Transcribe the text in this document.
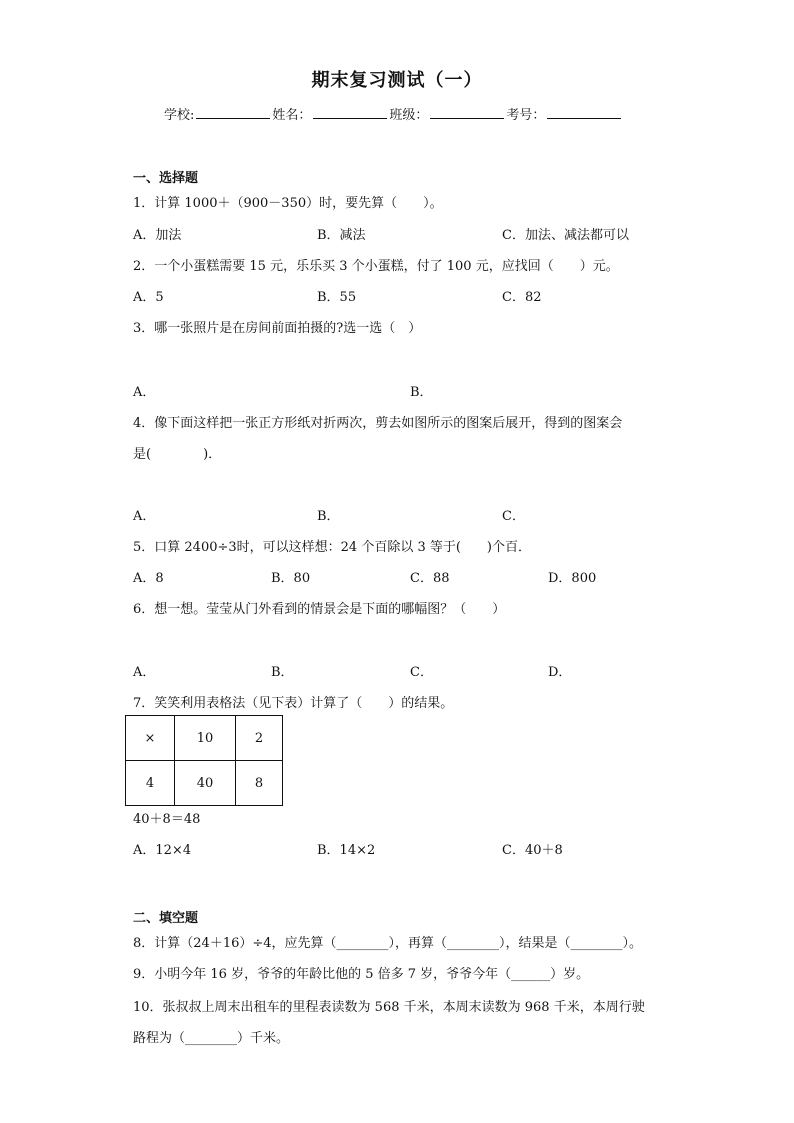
期末复习测试（一）
学校:	姓名：	班级：	考号：
一、选择题
1．计算 1000＋（900－350）时，要先算（　　）。
A．加法	B．减法	C．加法、减法都可以
2．一个小蛋糕需要 15 元，乐乐买 3 个小蛋糕，付了 100 元，应找回（　　）元。
A．5	B．55	C．82
3．哪一张照片是在房间前面拍摄的?选一选（　）
A．	B．
4．像下面这样把一张正方形纸对折两次，剪去如图所示的图案后展开，得到的图案会
是(　　　　)．
A．	B．	C．
5．口算 2400÷3时，可以这样想：24 个百除以 3 等于(　　)个百．
A．8	B．80	C．88	D．800
6．想一想。莹莹从门外看到的情景会是下面的哪幅图？（　　）
A．	B．	C．	D．
7．笑笑利用表格法（见下表）计算了（　　）的结果。
×	10	2
4	40	8
40＋8＝48
A．12×4	B．14×2	C．40＋8
二、填空题
8．计算（24＋16）÷4，应先算（________），再算（________），结果是（________）。
9．小明今年 16 岁，爷爷的年龄比他的 5 倍多 7 岁，爷爷今年（______）岁。
10．张叔叔上周末出租车的里程表读数为 568 千米，本周末读数为 968 千米，本周行驶
路程为（________）千米。
